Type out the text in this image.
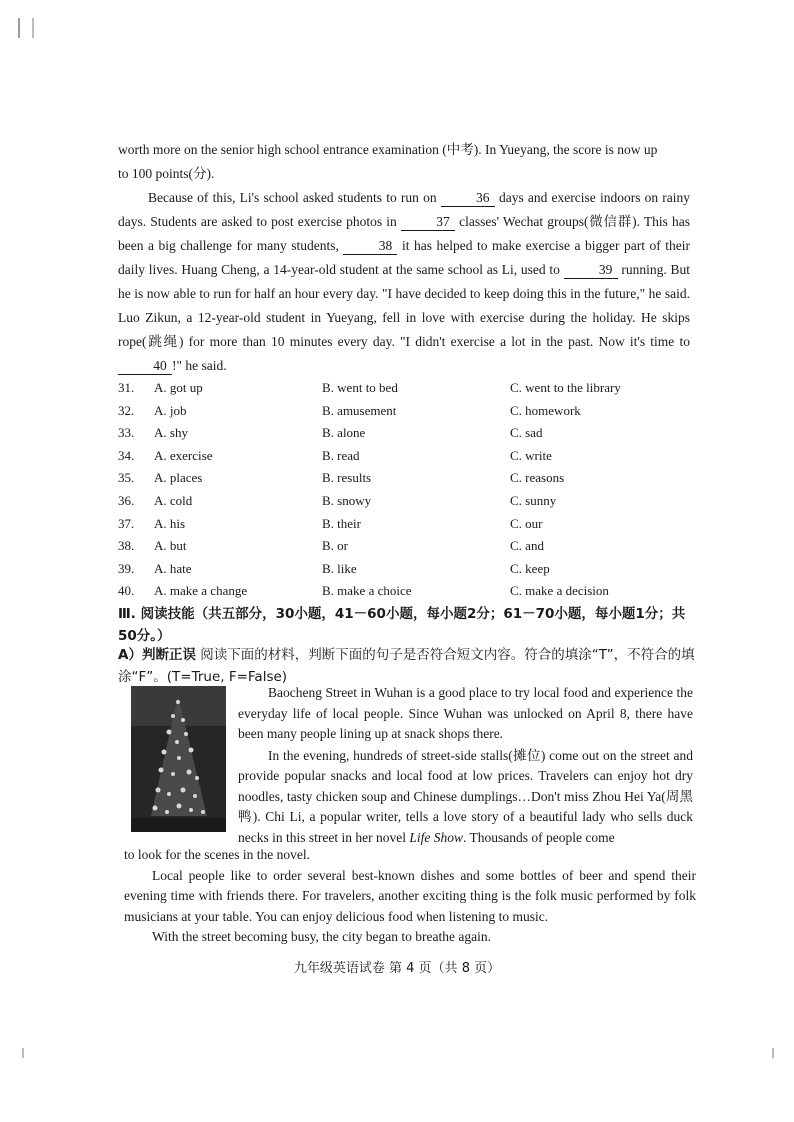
worth more on the senior high school entrance examination (中考). In Yueyang, the score is now up
to 100 points(分).
Because of this, Li's school asked students to run on	36 days and exercise indoors on rainy days. Students are asked to post exercise photos in	37 classes' Wechat groups(微信群). This has been a big challenge for many students,	38 it has helped to make exercise a bigger part of their daily lives. Huang Cheng, a 14-year-old student at the same school as Li, used to	39 running. But he is now able to run for half an hour every day. "I have decided to keep doing this in the future," he said. Luo Zikun, a 12-year-old student in Yueyang, fell in love with exercise during the holiday. He skips rope(跳绳) for more than 10 minutes every day. "I didn't exercise a lot in the past. Now it's time to 40 !" he said.
31.	A. got up	B. went to bed	C. went to the library
32.	A. job	B. amusement	C. homework
33.	A. shy	B. alone	C. sad
34.	A. exercise	B. read	C. write
35.	A. places	B. results	C. reasons
36.	A. cold	B. snowy	C. sunny
37.	A. his	B. their	C. our
38.	A. but	B. or	C. and
39.	A. hate	B. like	C. keep
40.	A. make a change	B. make a choice	C. make a decision
Ⅲ. 阅读技能（共五部分，30小题，41－60小题，每小题2分；61－70小题，每小题1分；共50分。）
A）判断正误 阅读下面的材料，判断下面的句子是否符合短文内容。符合的填涂“T”，不符合的填涂“F”。(T=True, F=False)
Baocheng Street in Wuhan is a good place to try local food and experience the everyday life of local people. Since Wuhan was unlocked on April 8, there have been many people lining up at snack shops there.
In the evening, hundreds of street-side stalls(摊位) come out on the street and provide popular snacks and local food at low prices. Travelers can enjoy hot dry noodles, tasty chicken soup and Chinese dumplings…Don't miss Zhou Hei Ya(周黑鸭). Chi Li, a popular writer, tells a love story of a beautiful lady who sells duck necks in this street in her novel Life Show. Thousands of people come
to look for the scenes in the novel.
Local people like to order several best-known dishes and some bottles of beer and spend their evening time with friends there. For travelers, another exciting thing is the folk music performed by folk musicians at your table. You can enjoy delicious food when listening to music.
With the street becoming busy, the city began to breathe again.
九年级英语试卷 第 4 页（共 8 页）
